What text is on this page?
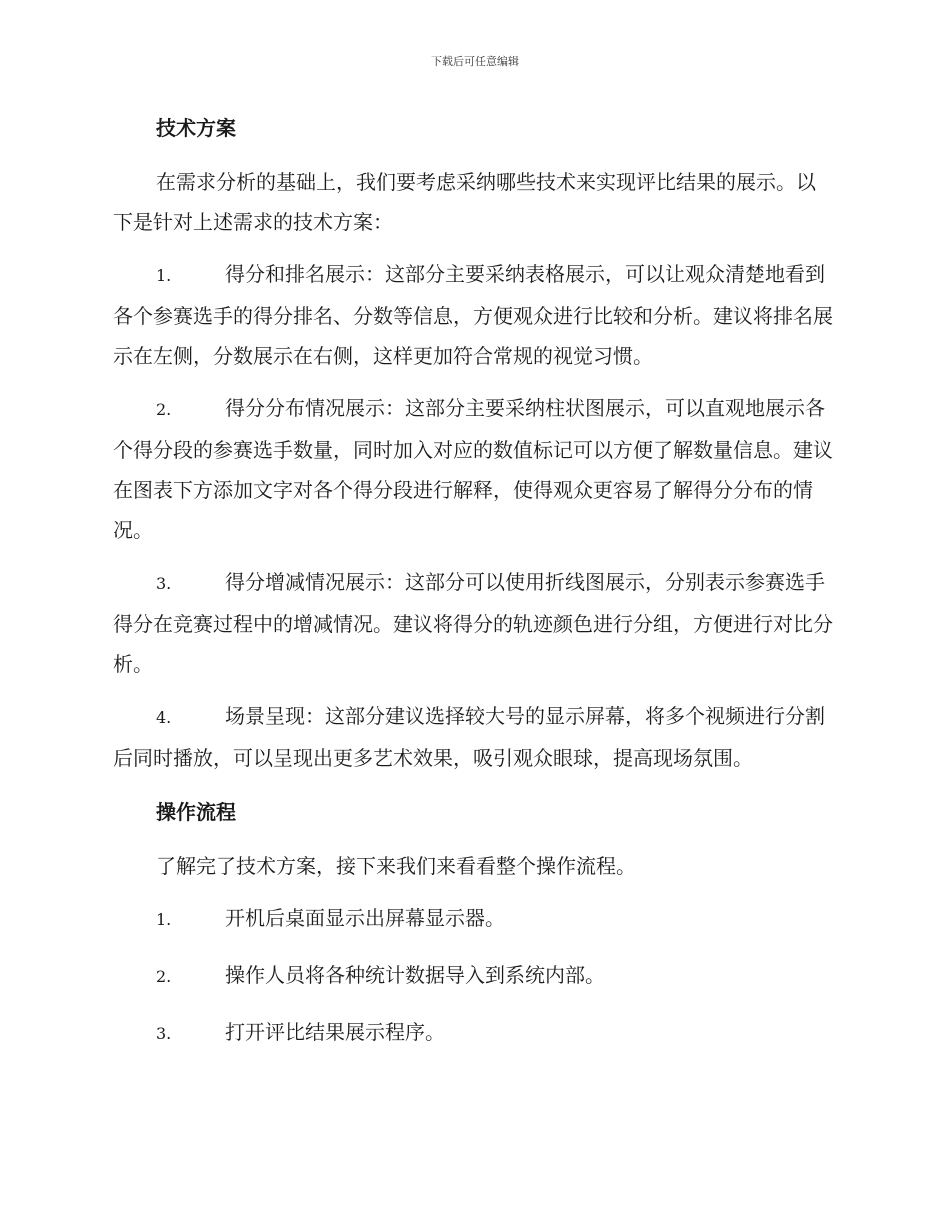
下载后可任意编辑
技术方案

在需求分析的基础上，我们要考虑采纳哪些技术来实现评比结果的展示。以下是针对上述需求的技术方案：

1.	得分和排名展示：这部分主要采纳表格展示，可以让观众清楚地看到各个参赛选手的得分排名、分数等信息，方便观众进行比较和分析。建议将排名展示在左侧，分数展示在右侧，这样更加符合常规的视觉习惯。
2.	得分分布情况展示：这部分主要采纳柱状图展示，可以直观地展示各个得分段的参赛选手数量，同时加入对应的数值标记可以方便了解数量信息。建议在图表下方添加文字对各个得分段进行解释，使得观众更容易了解得分分布的情况。
3.	得分增减情况展示：这部分可以使用折线图展示，分别表示参赛选手得分在竞赛过程中的增减情况。建议将得分的轨迹颜色进行分组，方便进行对比分析。
4.	场景呈现：这部分建议选择较大号的显示屏幕，将多个视频进行分割后同时播放，可以呈现出更多艺术效果，吸引观众眼球，提高现场氛围。
操作流程

了解完了技术方案，接下来我们来看看整个操作流程。

1.	开机后桌面显示出屏幕显示器。
2.	操作人员将各种统计数据导入到系统内部。
3.	打开评比结果展示程序。
